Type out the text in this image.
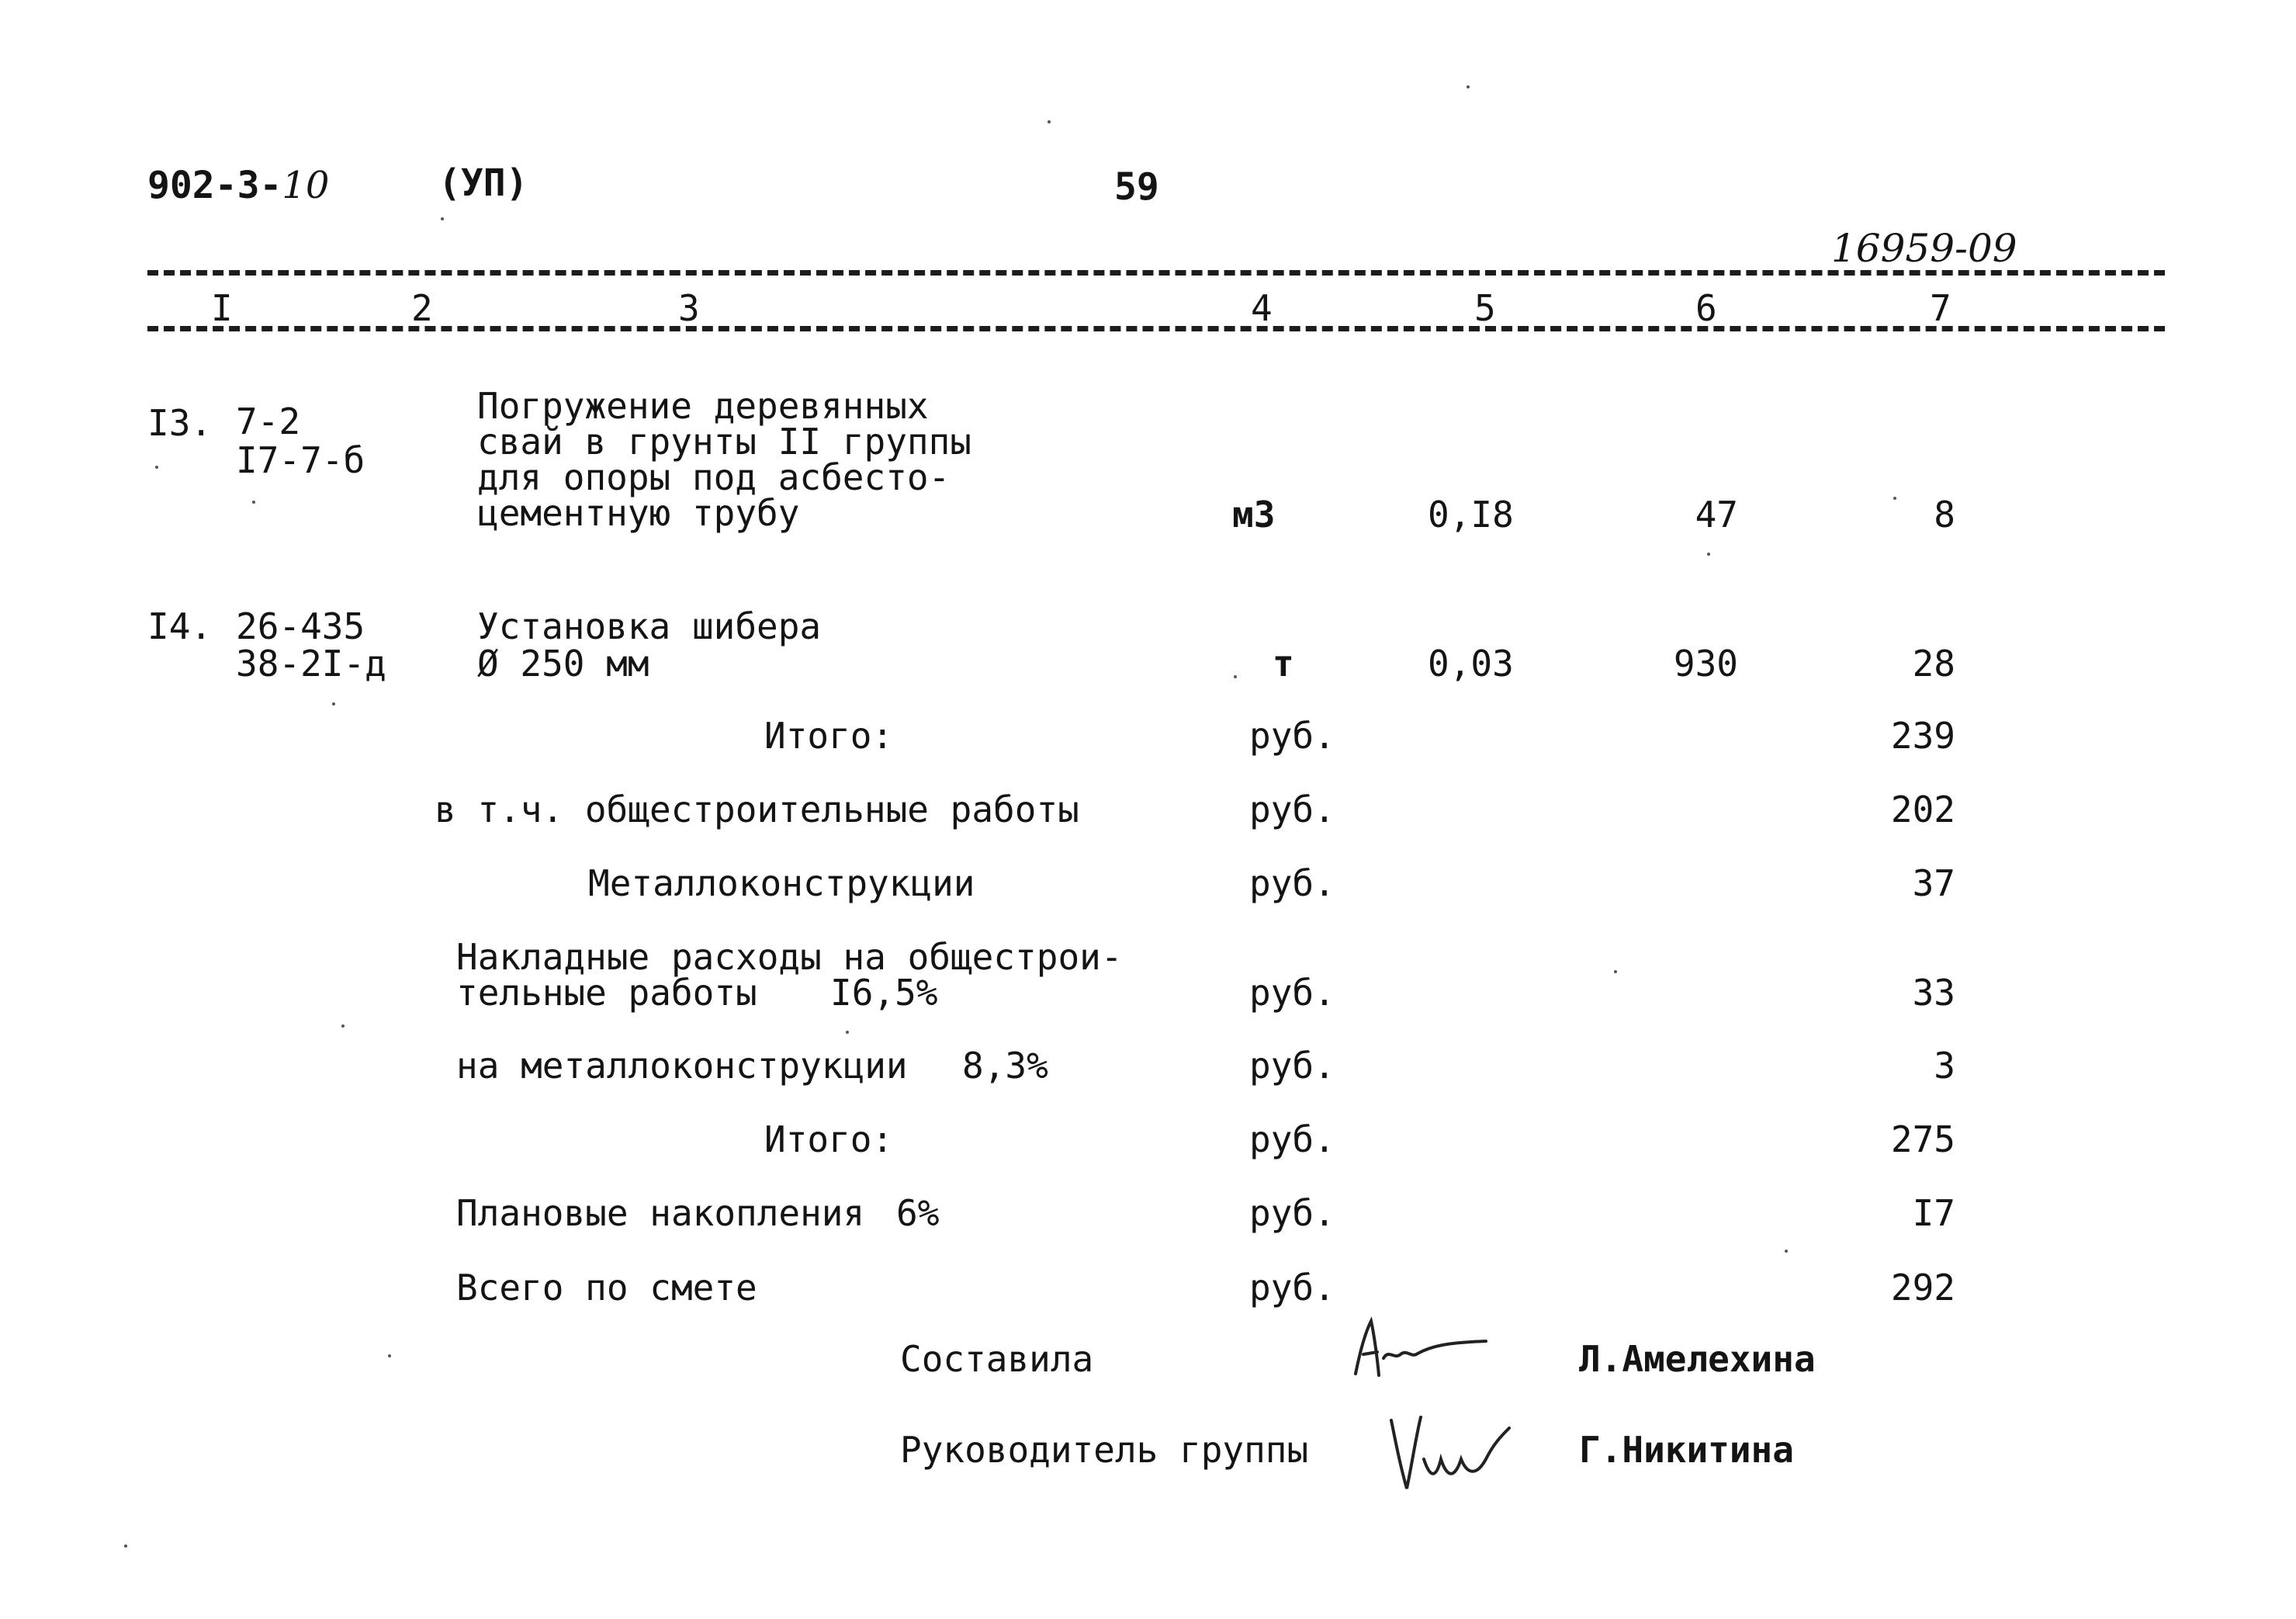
902-3-10	(УП)	59
16959-09
I	2	3	4	5	6	7
I3. 7-2
I7-7-б
Погружение деревянных
свай в грунты II группы
для опоры под асбесто-
цементную трубу	м3	0,I8	47	8
I4. 26-435
38-2I-д
Установка шибера
Ø 250 мм	т	0,03	930	28
Итого:	руб.	239
в т.ч. общестроительные работы	руб.	202
Металлоконструкции	руб.	37
Накладные расходы на общестрои-
тельные работы I6,5%	руб.	33
на металлоконструкции 8,3%	руб.	3
Итого:	руб.	275
Плановые накопления 6%	руб.	I7
Всего по смете	руб.	292
Составила	Л.Амелехина
Руководитель группы	Г.Никитина
